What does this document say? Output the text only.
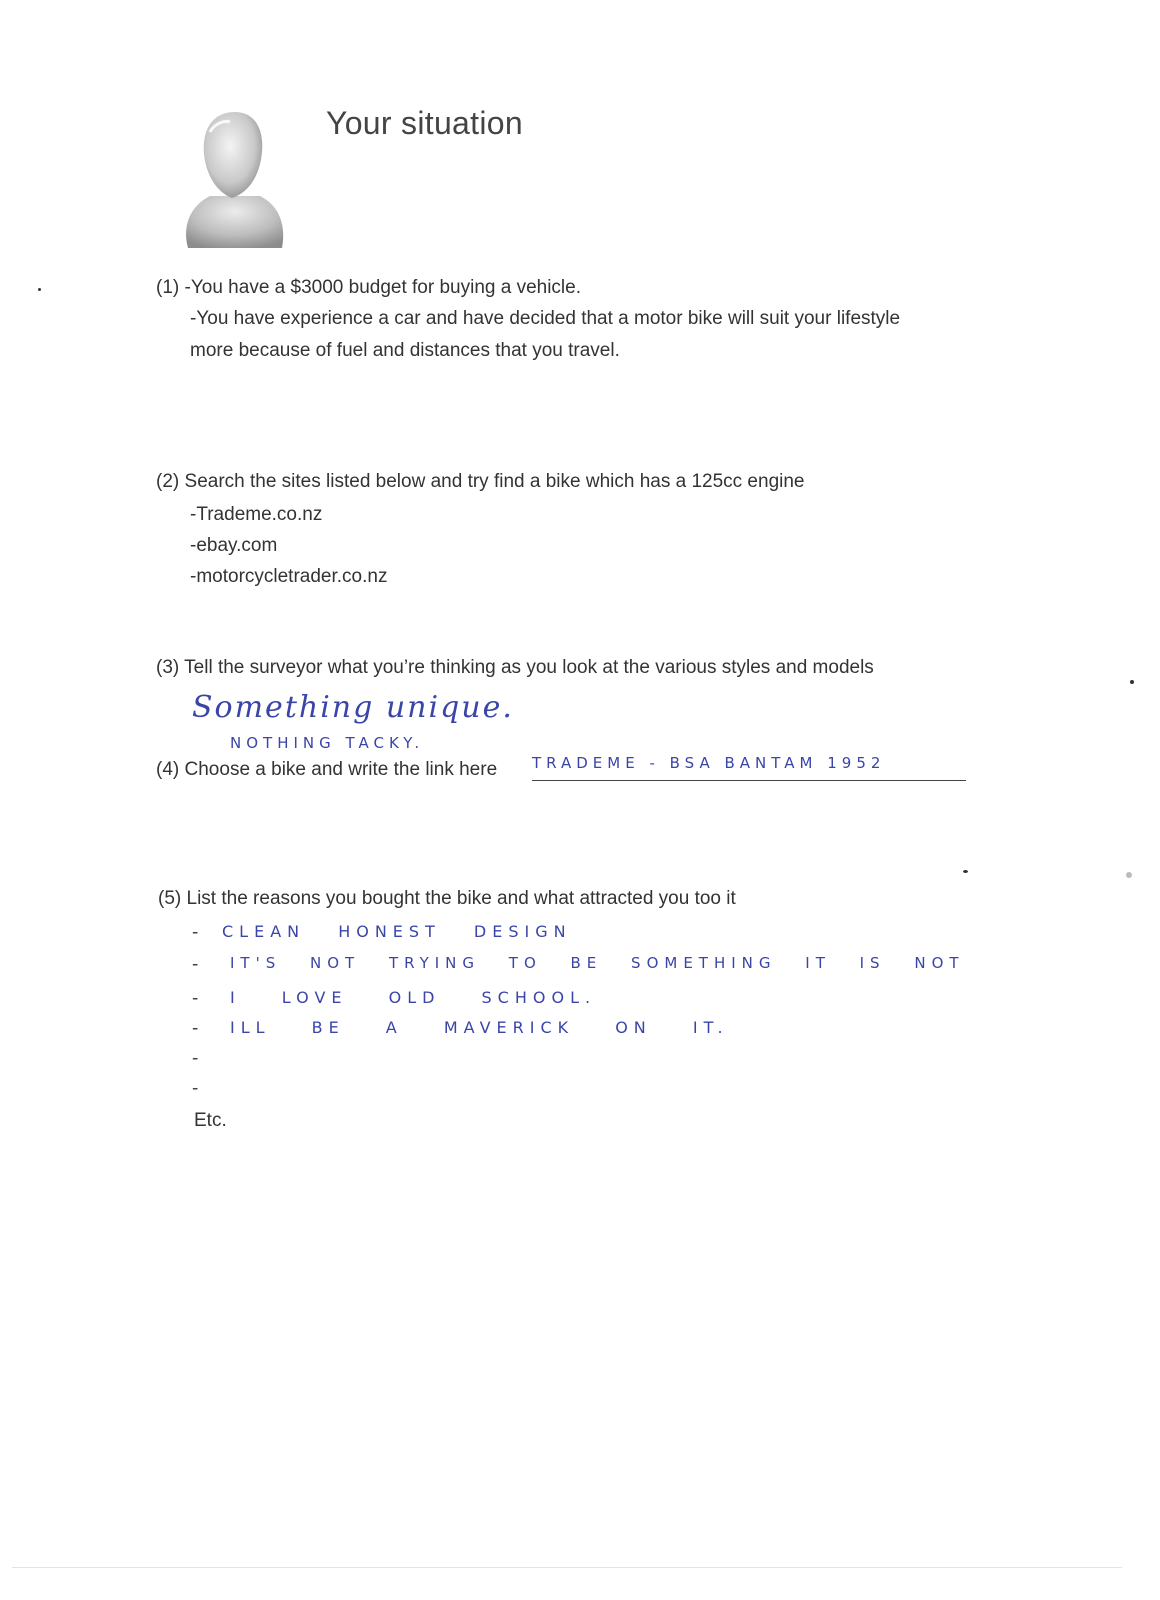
Your situation
(1) -You have a $3000 budget for buying a vehicle.
-You have experience a car and have decided that a motor bike will suit your lifestyle
more because of fuel and distances that you travel.
(2) Search the sites listed below and try find a bike which has a 125cc engine
-Trademe.co.nz
-ebay.com
-motorcycletrader.co.nz
(3) Tell the surveyor what you’re thinking as you look at the various styles and models
Something unique.
NOTHING TACKY.
(4) Choose a bike and write the link here TRADEME - BSA BANTAM 1952
(5) List the reasons you bought the bike and what attracted you too it
- CLEAN HONEST DESIGN
- IT'S NOT TRYING TO BE SOMETHING IT IS NOT
- I LOVE OLD SCHOOL.
- ILL BE A MAVERICK ON IT.
-
-
Etc.
